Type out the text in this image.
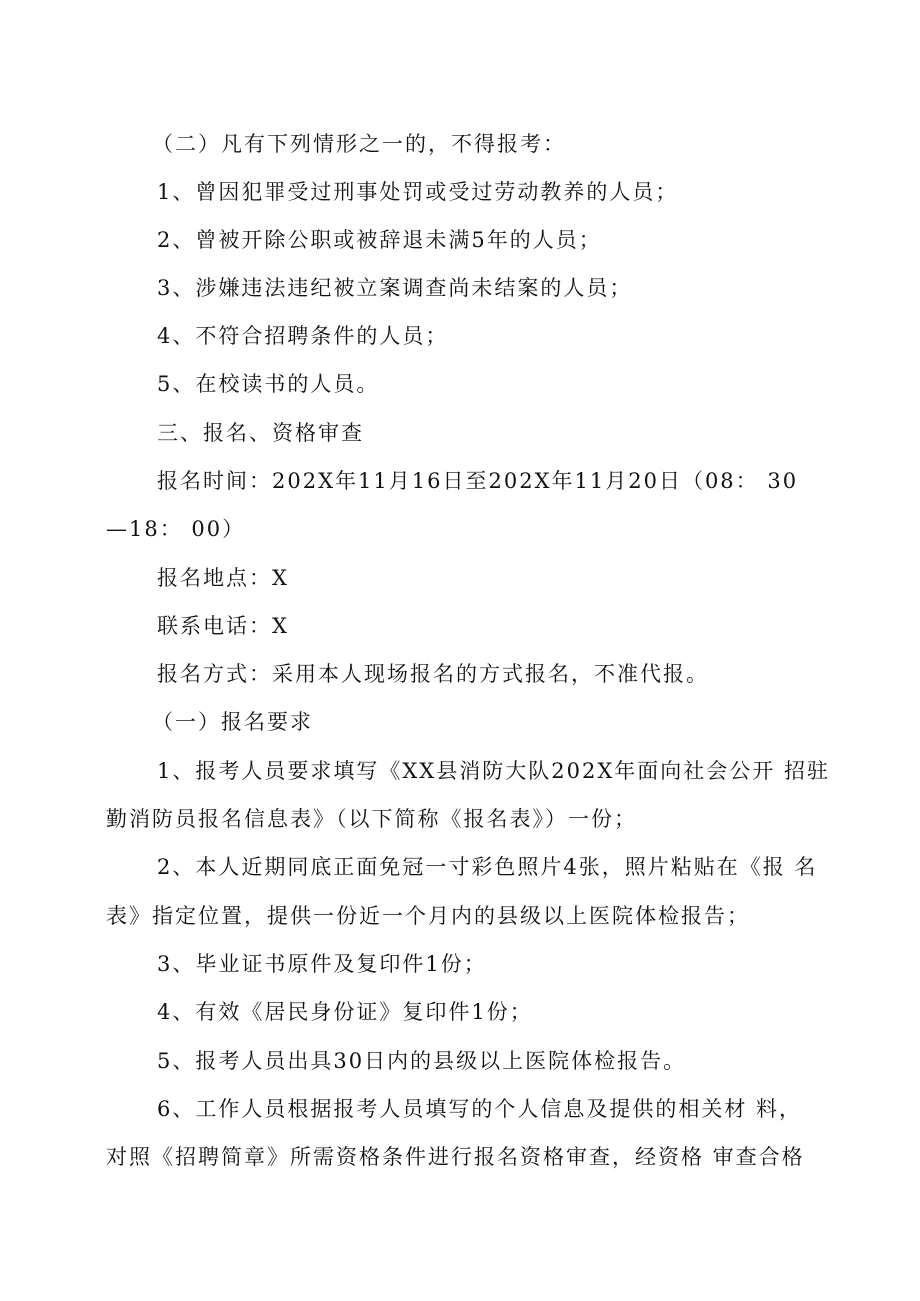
（二）凡有下列情形之一的，不得报考：
1、曾因犯罪受过刑事处罚或受过劳动教养的人员；
2、曾被开除公职或被辞退未满5年的人员；
3、涉嫌违法违纪被立案调查尚未结案的人员；
4、不符合招聘条件的人员；
5、在校读书的人员。
三、报名、资格审查
报名时间：202X年11月16日至202X年11月20日（08： 30
—18： 00）
报名地点：X
联系电话：X
报名方式：采用本人现场报名的方式报名，不准代报。
（一）报名要求
1、报考人员要求填写《XX县消防大队202X年面向社会公开 招驻
勤消防员报名信息表》（以下简称《报名表》）一份；
2、本人近期同底正面免冠一寸彩色照片4张，照片粘贴在《报 名
表》指定位置，提供一份近一个月内的县级以上医院体检报告；
3、毕业证书原件及复印件1份；
4、有效《居民身份证》复印件1份；
5、报考人员出具30日内的县级以上医院体检报告。
6、工作人员根据报考人员填写的个人信息及提供的相关材 料，
对照《招聘简章》所需资格条件进行报名资格审查，经资格 审查合格
